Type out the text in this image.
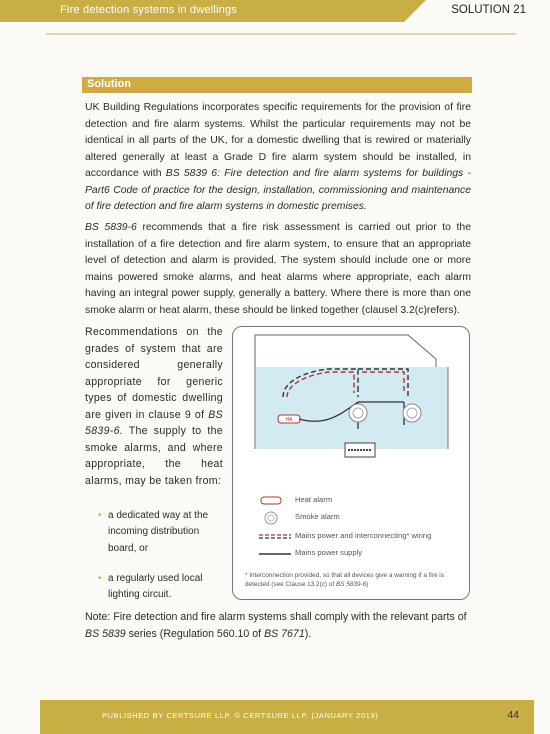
Fire detection systems in dwellings	SOLUTION 21
Solution

UK Building Regulations incorporates specific requirements for the provision of fire detection and fire alarm systems. Whilst the particular requirements may not be identical in all parts of the UK, for a domestic dwelling that is rewired or materially altered generally at least a Grade D fire alarm system should be installed, in accordance with BS 5839 6: Fire detection and fire alarm systems for buildings - Part6 Code of practice for the design, installation, commissioning and maintenance of fire detection and fire alarm systems in domestic premises.

BS 5839-6 recommends that a fire risk assessment is carried out prior to the installation of a fire detection and fire alarm system, to ensure that an appropriate level of detection and alarm is provided. The system should include one or more mains powered smoke alarms, and heat alarms where appropriate, each alarm having an integral power supply, generally a battery. Where there is more than one smoke alarm or heat alarm, these should be linked together (clausel 3.2(c)refers).

Recommendations on the grades of system that are considered generally appropriate for generic types of domestic dwelling are given in clause 9 of BS 5839-6. The supply to the smoke alarms, and where appropriate, the heat alarms, may be taken from:
• a dedicated way at the incoming distribution board, or
• a regularly used local lighting circuit.
HA
Heat alarm
Smoke alarm
Mains power and interconnecting* wiring
Mains power supply
* Interconnection provided, so that all devices give a warning if a fire is detected (see Clause 13.2(c) of BS 5839-6)
Note: Fire detection and fire alarm systems shall comply with the relevant parts of BS 5839 series (Regulation 560.10 of BS 7671).
PUBLISHED BY CERTSURE LLP. © CERTSURE LLP. (JANUARY 2019)	44
